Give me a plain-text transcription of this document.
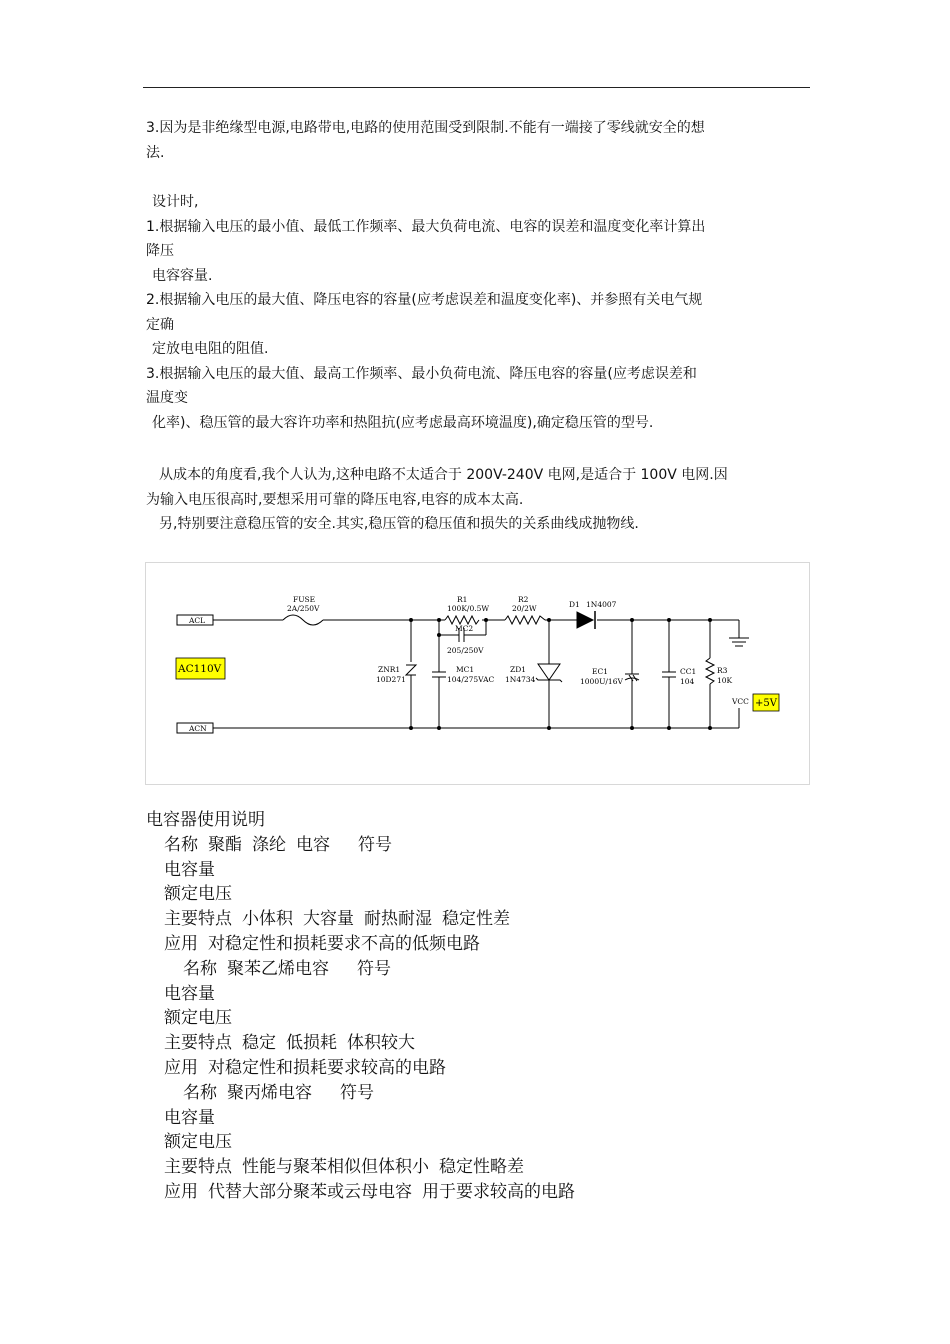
3.因为是非绝缘型电源,电路带电,电路的使用范围受到限制.不能有一端接了零线就安全的想
法.
设计时,
1.根据输入电压的最小值、最低工作频率、最大负荷电流、电容的误差和温度变化率计算出
降压
电容容量.
2.根据输入电压的最大值、降压电容的容量(应考虑误差和温度变化率)、并参照有关电气规
定确
定放电电阻的阻值.
3.根据输入电压的最大值、最高工作频率、最小负荷电流、降压电容的容量(应考虑误差和
温度变
化率)、稳压管的最大容许功率和热阻抗(应考虑最高环境温度),确定稳压管的型号.
从成本的角度看,我个人认为,这种电路不太适合于 200V-240V 电网,是适合于 100V 电网.因
为输入电压很高时,要想采用可靠的降压电容,电容的成本太高.
另,特别要注意稳压管的安全.其实,稳压管的稳压值和损失的关系曲线成抛物线.
ACL
ACN
FUSE
2A/250V
R1
100K/0.5W
MC2
205/250V
R2
20/2W	D1 1N4007
ZNR1
10D271
MC1
104/275VAC
ZD1
1N4734
EC1
1000U/16V
CC1
104
R3
10K
VCC
AC110V
+5V
电容器使用说明
名称 聚酯 涤纶 电容 符号
电容量
额定电压
主要特点 小体积 大容量 耐热耐湿 稳定性差
应用 对稳定性和损耗要求不高的低频电路
名称 聚苯乙烯电容 符号
电容量
额定电压
主要特点 稳定 低损耗 体积较大
应用 对稳定性和损耗要求较高的电路
名称 聚丙烯电容 符号
电容量
额定电压
主要特点 性能与聚苯相似但体积小 稳定性略差
应用 代替大部分聚苯或云母电容 用于要求较高的电路
